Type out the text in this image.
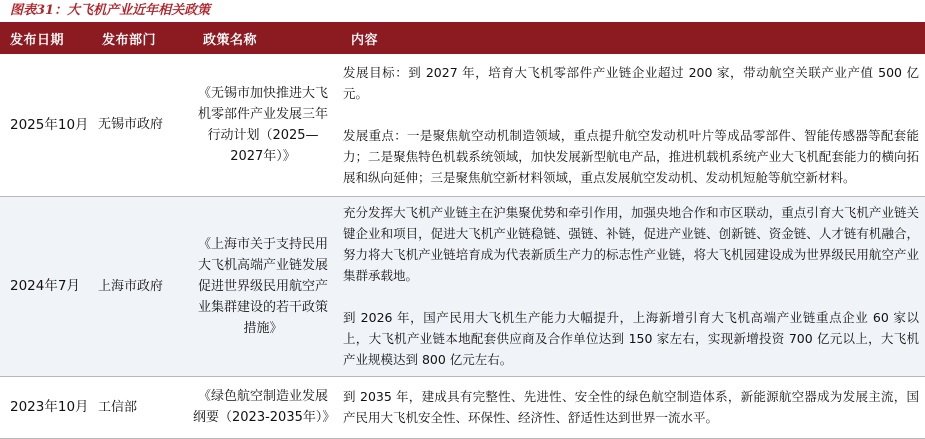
图表31：大飞机产业近年相关政策
发布日期	发布部门	政策名称	内容
2025年10月	无锡市政府	《无锡市加快推进大飞机零部件产业发展三年行动计划（2025—2027年）》	发展目标：到 2027 年，培育大飞机零部件产业链企业超过 200 家，带动航空关联产业产值 500 亿元。

发展重点：一是聚焦航空动机制造领域，重点提升航空发动机叶片等成品零部件、智能传感器等配套能力；二是聚焦特色机载系统领域，加快发展新型航电产品，推进机载机系统产业大飞机配套能力的横向拓展和纵向延伸；三是聚焦航空新材料领域，重点发展航空发动机、发动机短舱等航空新材料。

2024年7月	上海市政府	《上海市关于支持民用大飞机高端产业链发展促进世界级民用航空产业集群建设的若干政策措施》	充分发挥大飞机产业链主在沪集聚优势和牵引作用，加强央地合作和市区联动，重点引育大飞机产业链关键企业和项目，促进大飞机产业链稳链、强链、补链，促进产业链、创新链、资金链、人才链有机融合，努力将大飞机产业链培育成为代表新质生产力的标志性产业链，将大飞机园建设成为世界级民用航空产业集群承载地。

到 2026 年，国产民用大飞机生产能力大幅提升，上海新增引育大飞机高端产业链重点企业 60 家以上，大飞机产业链本地配套供应商及合作单位达到 150 家左右，实现新增投资 700 亿元以上，大飞机产业规模达到 800 亿元左右。

2023年10月	工信部	《绿色航空制造业发展纲要（2023-2035年）》	到 2035 年，建成具有完整性、先进性、安全性的绿色航空制造体系，新能源航空器成为发展主流，国产民用大飞机安全性、环保性、经济性、舒适性达到世界一流水平。
